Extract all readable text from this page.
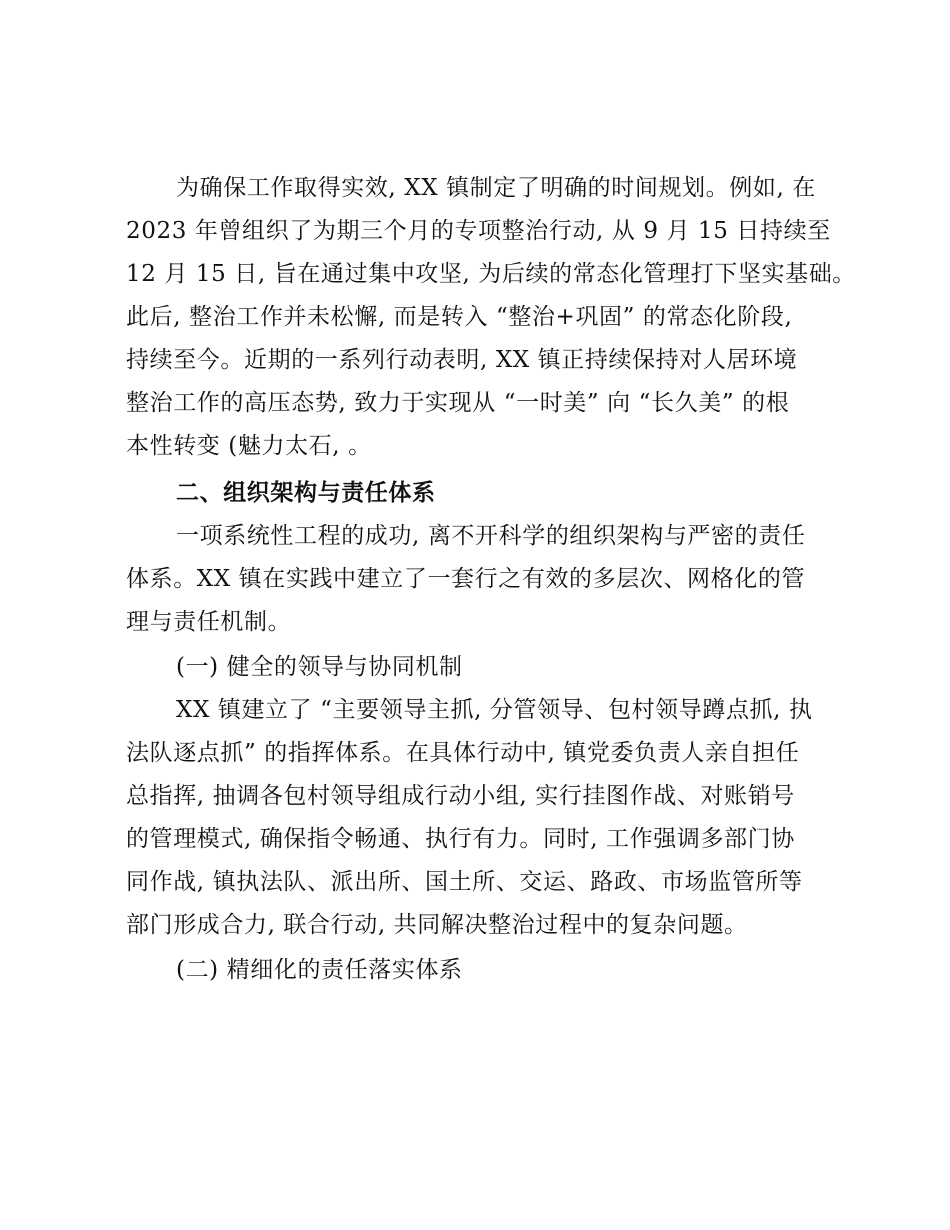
为确保工作取得实效, XX 镇制定了明确的时间规划。例如, 在
2023 年曾组织了为期三个月的专项整治行动, 从 9 月 15 日持续至
12 月 15 日, 旨在通过集中攻坚, 为后续的常态化管理打下坚实基础。
此后, 整治工作并未松懈, 而是转入 “整治+巩固” 的常态化阶段,
持续至今。近期的一系列行动表明, XX 镇正持续保持对人居环境
整治工作的高压态势, 致力于实现从 “一时美” 向 “长久美” 的根
本性转变 (魅力太石, 。
二、组织架构与责任体系
一项系统性工程的成功, 离不开科学的组织架构与严密的责任
体系。XX 镇在实践中建立了一套行之有效的多层次、网格化的管
理与责任机制。
(一) 健全的领导与协同机制
XX 镇建立了 “主要领导主抓, 分管领导、包村领导蹲点抓, 执
法队逐点抓” 的指挥体系。在具体行动中, 镇党委负责人亲自担任
总指挥, 抽调各包村领导组成行动小组, 实行挂图作战、对账销号
的管理模式, 确保指令畅通、执行有力。同时, 工作强调多部门协
同作战, 镇执法队、派出所、国土所、交运、路政、市场监管所等
部门形成合力, 联合行动, 共同解决整治过程中的复杂问题。
(二) 精细化的责任落实体系
